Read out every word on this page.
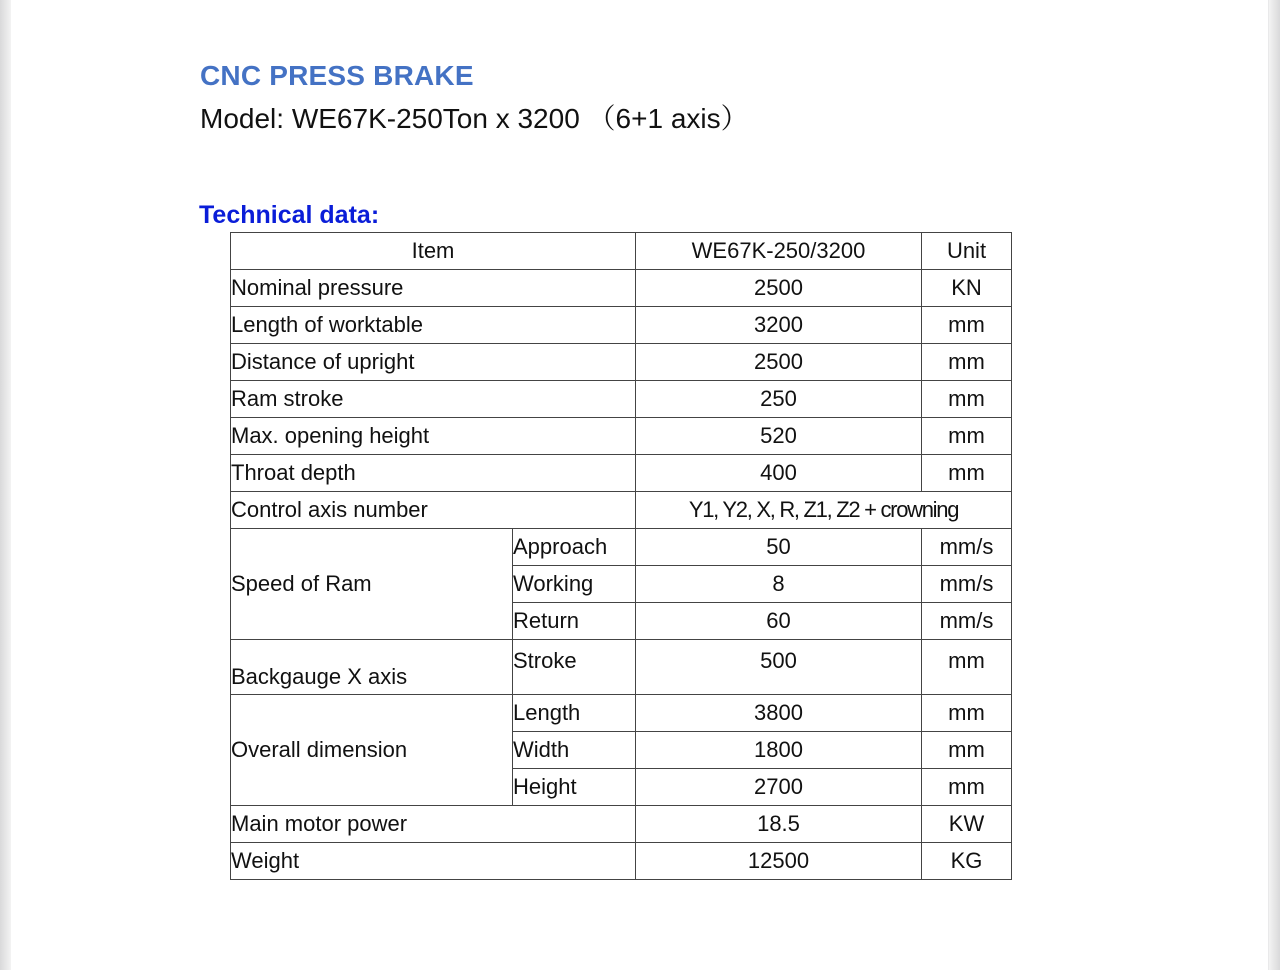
CNC PRESS BRAKE
Model: WE67K-250Ton x 3200 （6+1 axis）
Technical data:
Item		WE67K-250/3200	Unit
Nominal pressure		2500	KN
Length of worktable		3200	mm
Distance of upright		2500	mm
Ram stroke		250	mm
Max. opening height		520	mm
Throat depth		400	mm
Control axis number		Y1, Y2, X, R, Z1, Z2 + crowning	
Speed of Ram	Approach	50	mm/s
	Working	8	mm/s
	Return	60	mm/s
Backgauge X axis	Stroke	500	mm
Overall dimension	Length	3800	mm
	Width	1800	mm
	Height	2700	mm
Main motor power		18.5	KW
Weight		12500	KG
